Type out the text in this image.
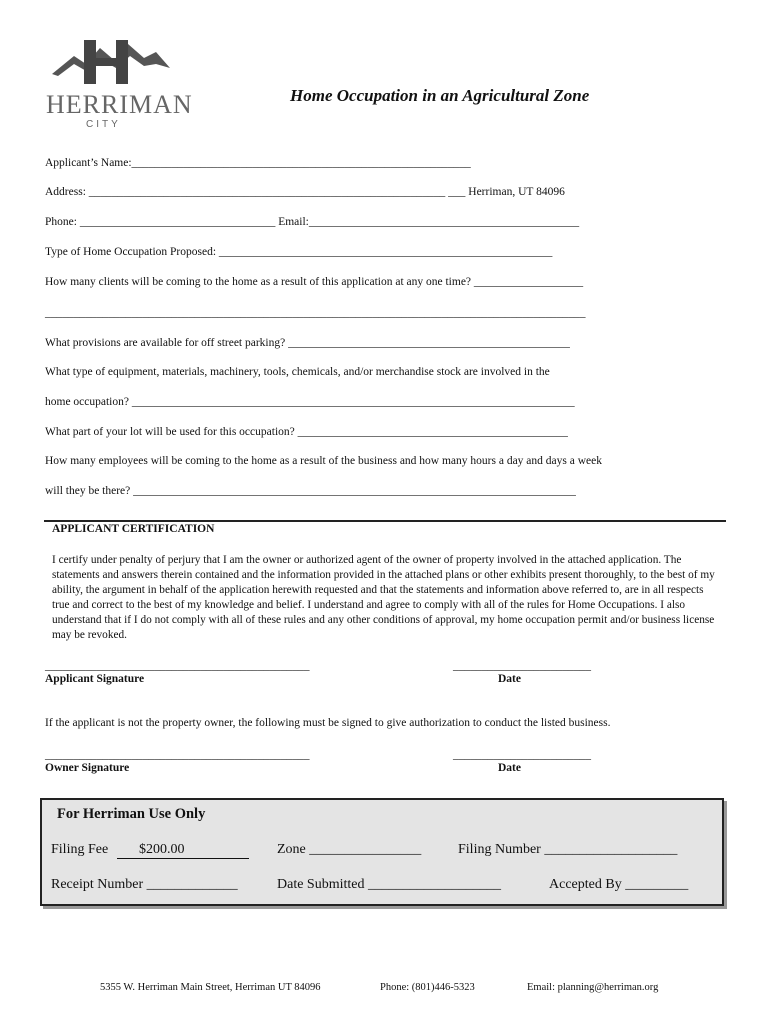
HERRIMAN
CITY
Home Occupation in an Agricultural Zone
Applicant’s Name:___________________________________________________________
Address: ______________________________________________________________ ___ Herriman, UT 84096
Phone: __________________________________ Email:_______________________________________________
Type of Home Occupation Proposed: __________________________________________________________
How many clients will be coming to the home as a result of this application at any one time? ___________________
______________________________________________________________________________________________
What provisions are available for off street parking? _________________________________________________
What type of equipment, materials, machinery, tools, chemicals, and/or merchandise stock are involved in the
home occupation? _____________________________________________________________________________
What part of your lot will be used for this occupation? _______________________________________________
How many employees will be coming to the home as a result of the business and how many hours a day and days a week
will they be there? _____________________________________________________________________________
APPLICANT CERTIFICATION
I certify under penalty of perjury that I am the owner or authorized agent of the owner of property involved in the attached application. The statements and answers therein contained and the information provided in the attached plans or other exhibits present thoroughly, to the best of my ability, the argument in behalf of the application herewith requested and that the statements and information above referred to, are in all respects true and correct to the best of my knowledge and belief. I understand and agree to comply with all of the rules for Home Occupations. I also understand that if I do not comply with all of these rules and any other conditions of approval, my home occupation permit and/or business license may be revoked.
______________________________________________	________________________
Applicant Signature	Date
If the applicant is not the property owner, the following must be signed to give authorization to conduct the listed business.
______________________________________________	________________________
Owner Signature	Date
For Herriman Use Only
Filing Fee	$200.00	Zone ________________	Filing Number ___________________
Receipt Number _____________	Date Submitted ___________________	Accepted By _________
5355 W. Herriman Main Street, Herriman UT 84096	Phone: (801)446-5323	Email: planning@herriman.org
